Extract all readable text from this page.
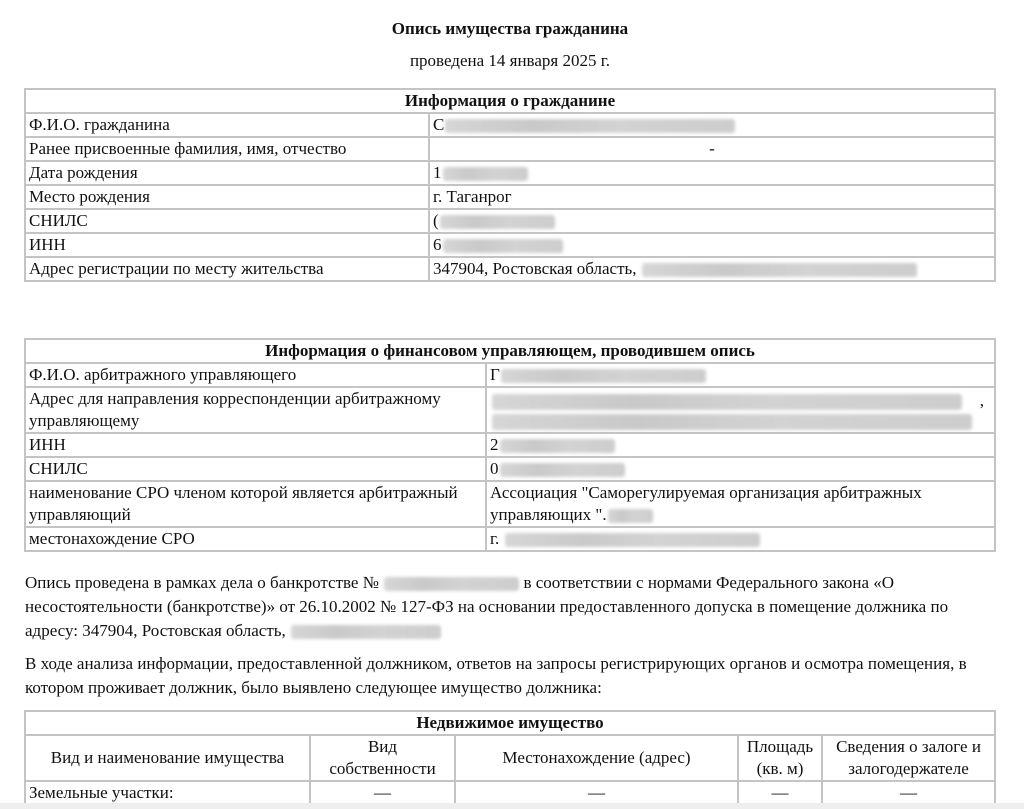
Опись имущества гражданина
проведена 14 января 2025 г.
Информация о гражданине	
Ф.И.О. гражданина	С
Ранее присвоенные фамилия, имя, отчество	-
Дата рождения	1
Место рождения	г. Таганрог
СНИЛС	(
ИНН	6
Адрес регистрации по месту жительства	347904, Ростовская область,
Информация о финансовом управляющем, проводившем опись	
Ф.И.О. арбитражного управляющего	Г
Адрес для направления корреспонденции арбитражному управляющему	,

ИНН	2
СНИЛС	0
наименование СРО членом которой является арбитражный управляющий	Ассоциация "Саморегулируемая организация арбитражных управляющих ".
местонахождение СРО	г.
Опись проведена в рамках дела о банкротстве №	в соответствии с нормами Федерального закона «О несостоятельности (банкротстве)» от 26.10.2002 № 127-ФЗ на основании предоставленного допуска в помещение должника по адресу: 347904, Ростовская область,
В ходе анализа информации, предоставленной должником, ответов на запросы регистрирующих органов и осмотра помещения, в котором проживает должник, было выявлено следующее имущество должника:
Недвижимое имущество				
Вид и наименование имущества	Вид собственности	Местонахождение (адрес)	Площадь (кв. м)	Сведения о залоге и залогодержателе
Земельные участки:	—	—	—	—
